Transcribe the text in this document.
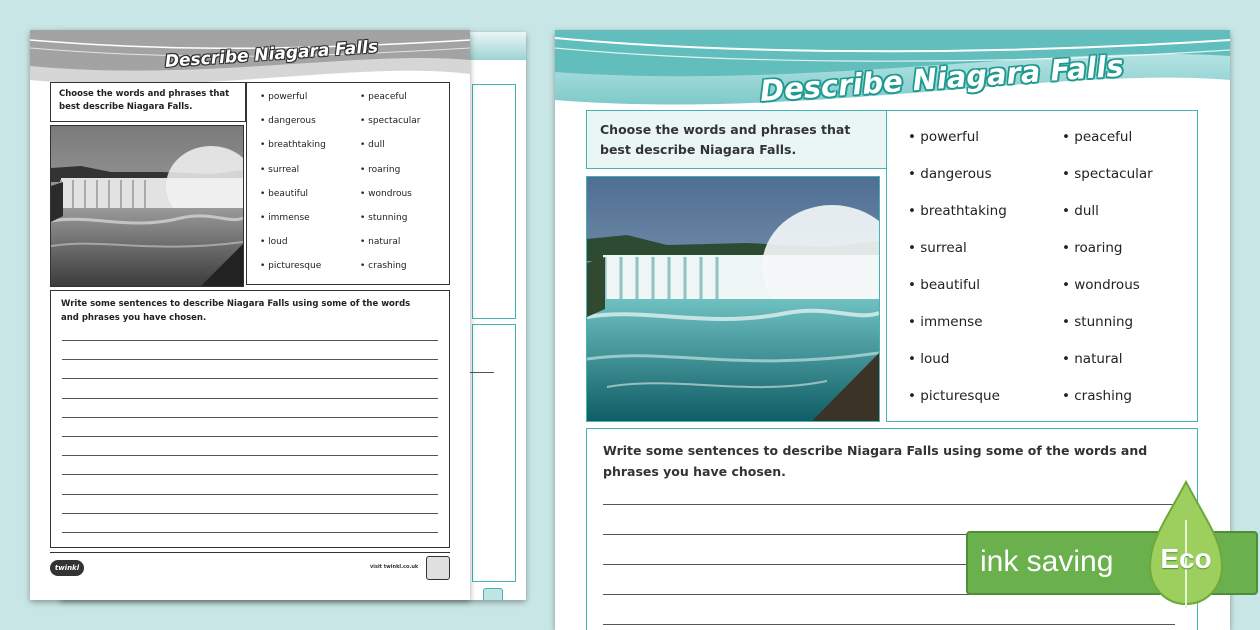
Describe Niagara Falls
Choose the words and phrases that best describe Niagara Falls.
• powerful
• dangerous
• breathtaking
• surreal
• beautiful
• immense
• loud
• picturesque
• peaceful
• spectacular
• dull
• roaring
• wondrous
• stunning
• natural
• crashing
Write some sentences to describe Niagara Falls using some of the words and phrases you have chosen.
twinkl	visit twinkl.co.uk
Describe Niagara Falls
Choose the words and phrases that best describe Niagara Falls.
• powerful
• dangerous
• breathtaking
• surreal
• beautiful
• immense
• loud
• picturesque
• peaceful
• spectacular
• dull
• roaring
• wondrous
• stunning
• natural
• crashing
Write some sentences to describe Niagara Falls using some of the words and phrases you have chosen.
ink saving Eco
